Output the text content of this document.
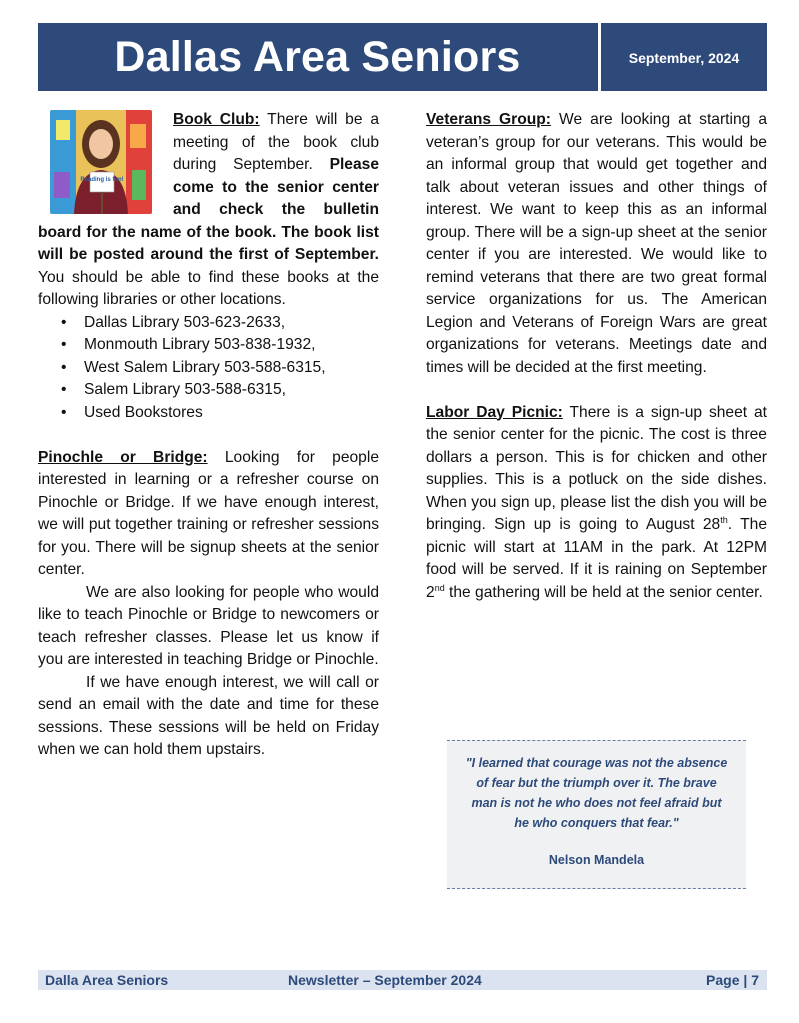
Dallas Area Seniors	September, 2024
Reading is fun!

Book Club: There will be a meeting of the book club during September. Please come to the senior center and check the bulletin board for the name of the book. The book list will be posted around the first of September. You should be able to find these books at the following libraries or other locations.

• Dallas Library 503-623-2633,
• Monmouth Library 503-838-1932,
• West Salem Library 503-588-6315,
• Salem Library 503-588-6315,
• Used Bookstores

Pinochle or Bridge: Looking for people interested in learning or a refresher course on Pinochle or Bridge. If we have enough interest, we will put together training or refresher sessions for you. There will be signup sheets at the senior center.

We are also looking for people who would like to teach Pinochle or Bridge to newcomers or teach refresher classes. Please let us know if you are interested in teaching Bridge or Pinochle.

If we have enough interest, we will call or send an email with the date and time for these sessions. These sessions will be held on Friday when we can hold them upstairs.

Veterans Group: We are looking at starting a veteran’s group for our veterans. This would be an informal group that would get together and talk about veteran issues and other things of interest. We want to keep this as an informal group. There will be a sign-up sheet at the senior center if you are interested. We would like to remind veterans that there are two great formal service organizations for us. The American Legion and Veterans of Foreign Wars are great organizations for veterans. Meetings date and times will be decided at the first meeting.

Labor Day Picnic: There is a sign-up sheet at the senior center for the picnic. The cost is three dollars a person. This is for chicken and other supplies. This is a potluck on the side dishes. When you sign up, please list the dish you will be bringing. Sign up is going to August 28th. The picnic will start at 11AM in the park. At 12PM food will be served. If it is raining on September 2nd the gathering will be held at the senior center.

"I learned that courage was not the absence of fear but the triumph over it. The brave man is not he who does not feel afraid but he who conquers that fear."
Nelson Mandela
Dalla Area Seniors	Newsletter – September 2024	Page | 7
